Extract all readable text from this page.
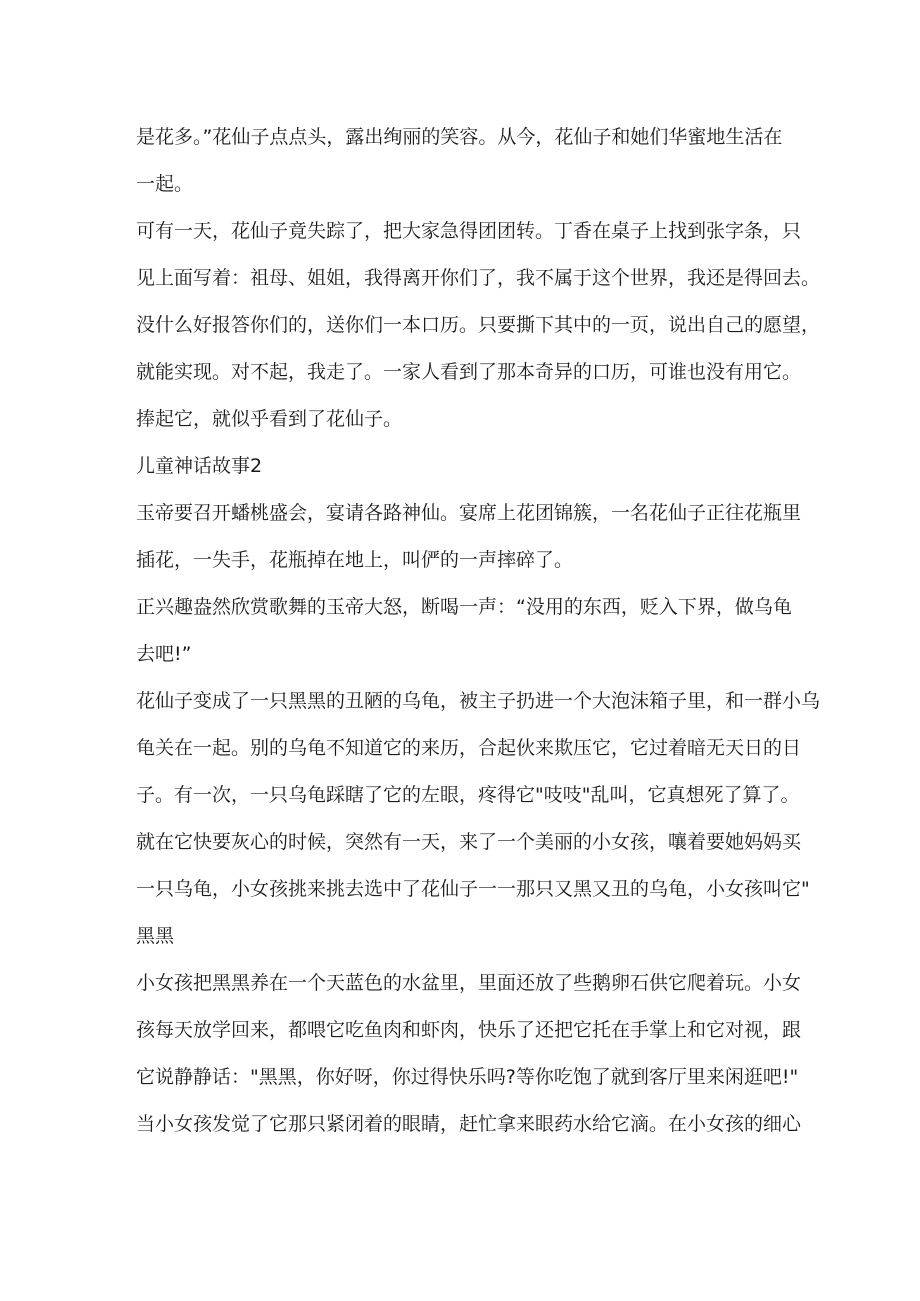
是花多。”花仙子点点头，露出绚丽的笑容。从今，花仙子和她们华蜜地生活在
一起。
可有一天，花仙子竟失踪了，把大家急得团团转。丁香在桌子上找到张字条，只
见上面写着：祖母、姐姐，我得离开你们了，我不属于这个世界，我还是得回去。
没什么好报答你们的，送你们一本口历。只要撕下其中的一页，说出自己的愿望，
就能实现。对不起，我走了。一家人看到了那本奇异的口历，可谁也没有用它。
捧起它，就似乎看到了花仙子。
儿童神话故事2
玉帝要召开蟠桃盛会，宴请各路神仙。宴席上花团锦簇，一名花仙子正往花瓶里
插花，一失手，花瓶掉在地上，叫俨的一声摔碎了。
正兴趣盎然欣赏歌舞的玉帝大怒，断喝一声：“没用的东西，贬入下界，做乌龟
去吧!”
花仙子变成了一只黑黑的丑陋的乌龟，被主子扔进一个大泡沫箱子里，和一群小乌
龟关在一起。别的乌龟不知道它的来历，合起伙来欺压它，它过着暗无天日的日
子。有一次，一只乌龟踩瞎了它的左眼，疼得它"吱吱"乱叫，它真想死了算了。
就在它快要灰心的时候，突然有一天，来了一个美丽的小女孩，嚷着要她妈妈买
一只乌龟，小女孩挑来挑去选中了花仙子一一那只又黑又丑的乌龟，小女孩叫它"
黑黑
小女孩把黑黑养在一个天蓝色的水盆里，里面还放了些鹅卵石供它爬着玩。小女
孩每天放学回来，都喂它吃鱼肉和虾肉，快乐了还把它托在手掌上和它对视，跟
它说静静话："黑黑，你好呀，你过得快乐吗?等你吃饱了就到客厅里来闲逛吧!"
当小女孩发觉了它那只紧闭着的眼睛，赶忙拿来眼药水给它滴。在小女孩的细心
